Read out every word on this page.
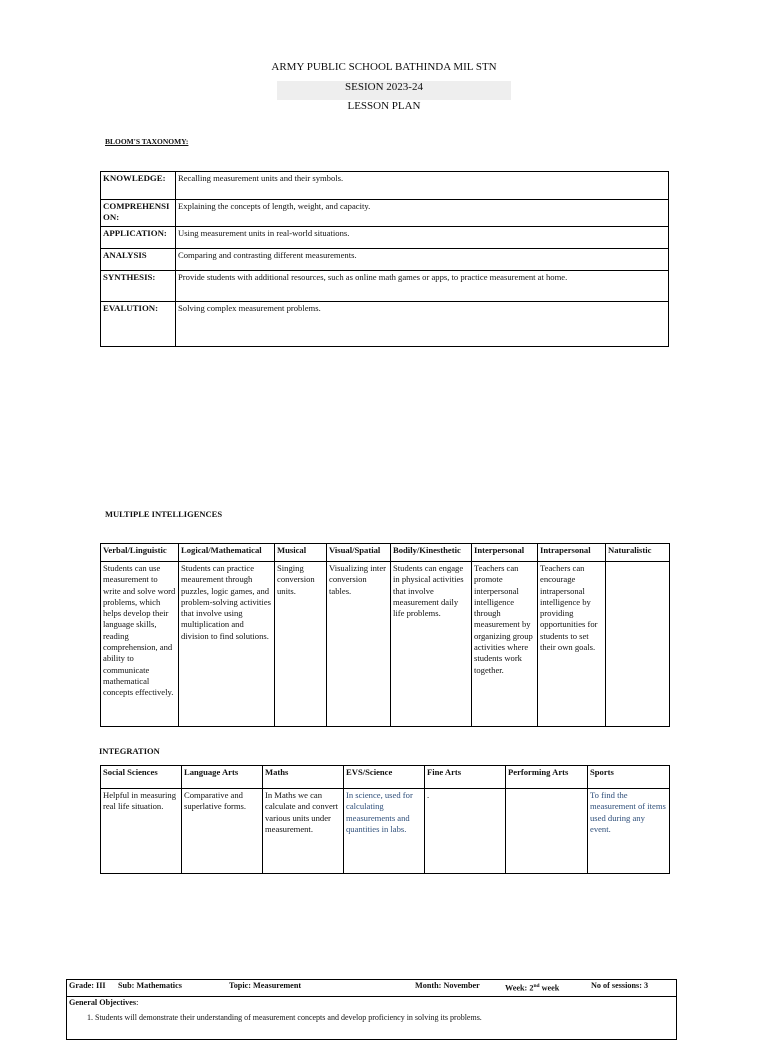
ARMY PUBLIC SCHOOL BATHINDA MIL STN
SESION 2023-24
LESSON PLAN
BLOOM'S TAXONOMY:
KNOWLEDGE:	Recalling measurement units and their symbols.
COMPREHENSI ON:	Explaining the concepts of length, weight, and capacity.
APPLICATION:	Using measurement units in real-world situations.
ANALYSIS	Comparing and contrasting different measurements.
SYNTHESIS:	Provide students with additional resources, such as online math games or apps, to practice measurement at home.
EVALUTION:	Solving complex measurement problems.
MULTIPLE INTELLIGENCES
Verbal/Linguistic	Logical/Mathematical	Musical	Visual/Spatial	Bodily/Kinesthetic	Interpersonal	Intrapersonal	Naturalistic
Students can use measurement to write and solve word problems, which helps develop their language skills, reading comprehension, and ability to communicate mathematical concepts effectively.	Students can practice meaurement through puzzles, logic games, and problem-solving activities that involve using multiplication and division to find solutions.	Singing conversion units.	Visualizing inter conversion tables.	Students can engage in physical activities that involve measurement daily life problems.	Teachers can promote interpersonal intelligence through measurement by organizing group activities where students work together.	Teachers can encourage intrapersonal intelligence by providing opportunities for students to set their own goals.	
INTEGRATION
Social Sciences	Language Arts	Maths	EVS/Science	Fine Arts	Performing Arts	Sports
Helpful in measuring real life situation.	Comparative and superlative forms.	In Maths we can calculate and convert various units under measurement.	In science, used for calculating measurements and quantities in labs.	.		To find the measurement of items used during any event.
Grade: III Sub: Mathematics	Topic: Measurement	Month: November	Week: 2nd week	No of sessions: 3

General Objectives:
1. Students will demonstrate their understanding of measurement concepts and develop proficiency in solving its problems.
